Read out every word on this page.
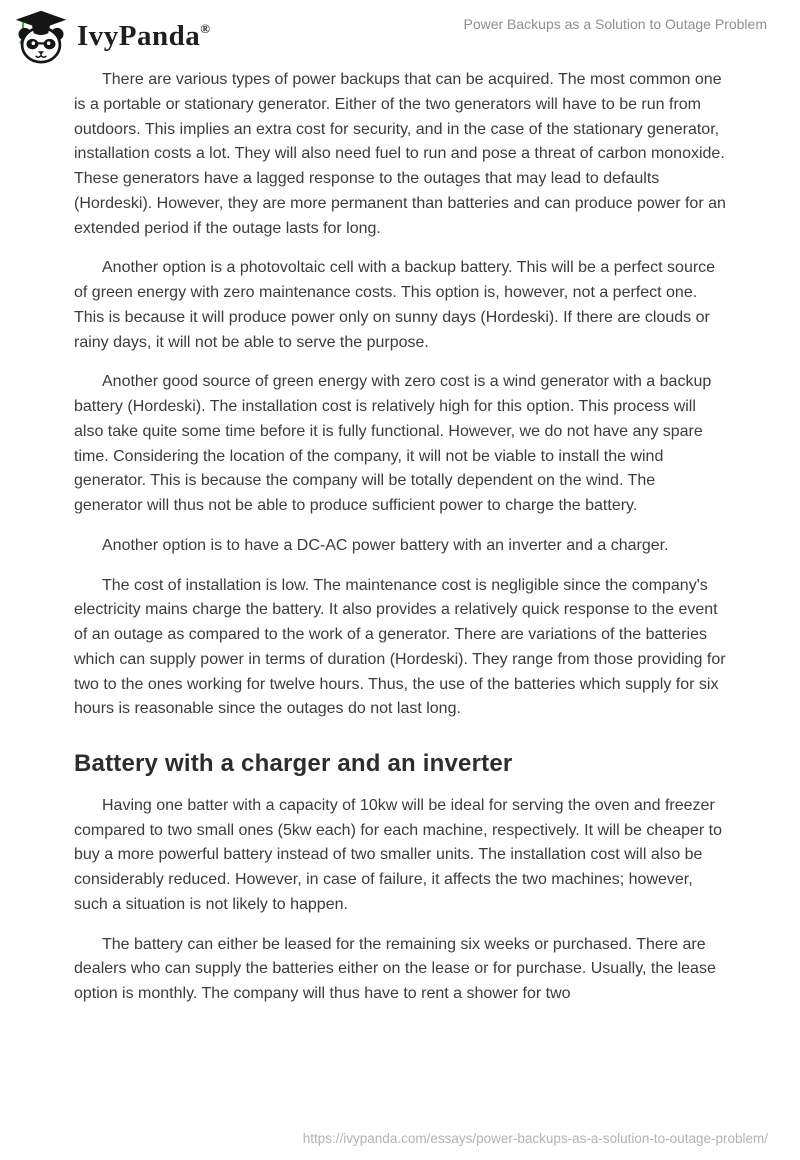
IvyPanda®	Power Backups as a Solution to Outage Problem

There are various types of power backups that can be acquired. The most common one is a portable or stationary generator. Either of the two generators will have to be run from outdoors. This implies an extra cost for security, and in the case of the stationary generator, installation costs a lot. They will also need fuel to run and pose a threat of carbon monoxide. These generators have a lagged response to the outages that may lead to defaults (Hordeski). However, they are more permanent than batteries and can produce power for an extended period if the outage lasts for long.

Another option is a photovoltaic cell with a backup battery. This will be a perfect source of green energy with zero maintenance costs. This option is, however, not a perfect one. This is because it will produce power only on sunny days (Hordeski). If there are clouds or rainy days, it will not be able to serve the purpose.

Another good source of green energy with zero cost is a wind generator with a backup battery (Hordeski). The installation cost is relatively high for this option. This process will also take quite some time before it is fully functional. However, we do not have any spare time. Considering the location of the company, it will not be viable to install the wind generator. This is because the company will be totally dependent on the wind. The generator will thus not be able to produce sufficient power to charge the battery.

Another option is to have a DC-AC power battery with an inverter and a charger.

The cost of installation is low. The maintenance cost is negligible since the company's electricity mains charge the battery. It also provides a relatively quick response to the event of an outage as compared to the work of a generator. There are variations of the batteries which can supply power in terms of duration (Hordeski). They range from those providing for two to the ones working for twelve hours. Thus, the use of the batteries which supply for six hours is reasonable since the outages do not last long.

Battery with a charger and an inverter

Having one batter with a capacity of 10kw will be ideal for serving the oven and freezer compared to two small ones (5kw each) for each machine, respectively. It will be cheaper to buy a more powerful battery instead of two smaller units. The installation cost will also be considerably reduced. However, in case of failure, it affects the two machines; however, such a situation is not likely to happen.

The battery can either be leased for the remaining six weeks or purchased. There are dealers who can supply the batteries either on the lease or for purchase. Usually, the lease option is monthly. The company will thus have to rent a shower for two

https://ivypanda.com/essays/power-backups-as-a-solution-to-outage-problem/
